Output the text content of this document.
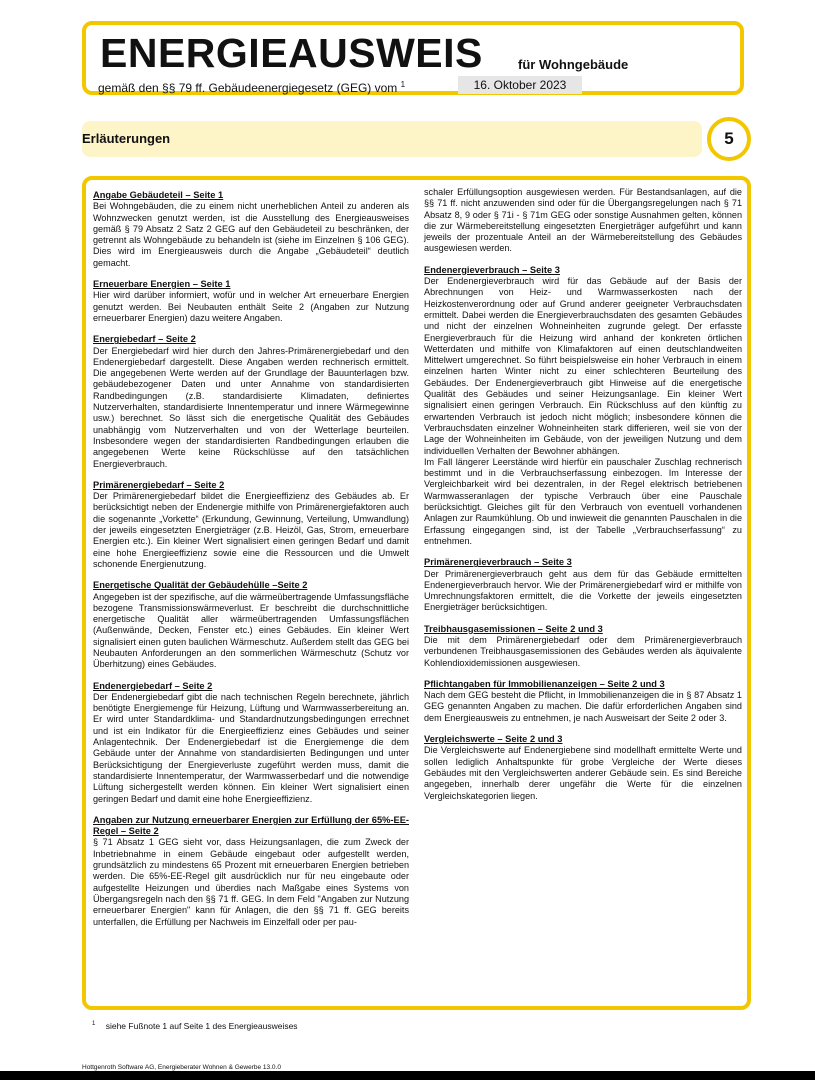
ENERGIEAUSWEIS	für Wohngebäude
gemäß den §§ 79 ff. Gebäudeenergiegesetz (GEG) vom $^1$	16. Oktober 2023
Erläuterungen	5
Angabe Gebäudeteil – Seite 1

Bei Wohngebäuden, die zu einem nicht unerheblichen Anteil zu anderen als Wohnzwecken genutzt werden, ist die Ausstellung des Energieausweises gemäß § 79 Absatz 2 Satz 2 GEG auf den Gebäudeteil zu beschränken, der getrennt als Wohngebäude zu behandeln ist (siehe im Einzelnen § 106 GEG). Dies wird im Energieausweis durch die Angabe „Gebäudeteil“ deutlich gemacht.

Erneuerbare Energien – Seite 1

Hier wird darüber informiert, wofür und in welcher Art erneuerbare Energien genutzt werden. Bei Neubauten enthält Seite 2 (Angaben zur Nutzung erneuerbarer Energien) dazu weitere Angaben.

Energiebedarf – Seite 2

Der Energiebedarf wird hier durch den Jahres-Primärenergiebedarf und den Endenergiebedarf dargestellt. Diese Angaben werden rechnerisch ermittelt. Die angegebenen Werte werden auf der Grundlage der Bauunterlagen bzw. gebäudebezogener Daten und unter Annahme von standardisierten Randbedingungen (z.B. standardisierte Klimadaten, definiertes Nutzerverhalten, standardisierte Innentemperatur und innere Wärmegewinne usw.) berechnet. So lässt sich die energetische Qualität des Gebäudes unabhängig vom Nutzerverhalten und von der Wetterlage beurteilen. Insbesondere wegen der standardisierten Randbedingungen erlauben die angegebenen Werte keine Rückschlüsse auf den tatsächlichen Energieverbrauch.

Primärenergiebedarf – Seite 2

Der Primärenergiebedarf bildet die Energieeffizienz des Gebäudes ab. Er berücksichtigt neben der Endenergie mithilfe von Primärenergiefaktoren auch die sogenannte „Vorkette“ (Erkundung, Gewinnung, Verteilung, Umwandlung) der jeweils eingesetzten Energieträger (z.B. Heizöl, Gas, Strom, erneuerbare Energien etc.). Ein kleiner Wert signalisiert einen geringen Bedarf und damit eine hohe Energieeffizienz sowie eine die Ressourcen und die Umwelt schonende Energienutzung.

Energetische Qualität der Gebäudehülle –Seite 2

Angegeben ist der spezifische, auf die wärmeübertragende Umfassungsfläche bezogene Transmissionswärmeverlust. Er beschreibt die durchschnittliche energetische Qualität aller wärmeübertragenden Umfassungsflächen (Außenwände, Decken, Fenster etc.) eines Gebäudes. Ein kleiner Wert signalisiert einen guten baulichen Wärmeschutz. Außerdem stellt das GEG bei Neubauten Anforderungen an den sommerlichen Wärmeschutz (Schutz vor Überhitzung) eines Gebäudes.

Endenergiebedarf – Seite 2

Der Endenergiebedarf gibt die nach technischen Regeln berechnete, jährlich benötigte Energiemenge für Heizung, Lüftung und Warmwasserbereitung an. Er wird unter Standardklima- und Standardnutzungsbedingungen errechnet und ist ein Indikator für die Energieeffizienz eines Gebäudes und seiner Anlagentechnik. Der Endenergiebedarf ist die Energiemenge die dem Gebäude unter der Annahme von standardisierten Bedingungen und unter Berücksichtigung der Energieverluste zugeführt werden muss, damit die standardisierte Innentemperatur, der Warmwasserbedarf und die notwendige Lüftung sichergestellt werden können. Ein kleiner Wert signalisiert einen geringen Bedarf und damit eine hohe Energieeffizienz.

Angaben zur Nutzung erneuerbarer Energien zur Erfüllung der 65%-EE-Regel – Seite 2

§ 71 Absatz 1 GEG sieht vor, dass Heizungsanlagen, die zum Zweck der Inbetriebnahme in einem Gebäude eingebaut oder aufgestellt werden, grundsätzlich zu mindestens 65 Prozent mit erneuerbaren Energien betrieben werden. Die 65%-EE-Regel gilt ausdrücklich nur für neu eingebaute oder aufgestellte Heizungen und überdies nach Maßgabe eines Systems von Übergangsregeln nach den §§ 71 ff. GEG. In dem Feld "Angaben zur Nutzung erneuerbarer Energien" kann für Anlagen, die den §§ 71 ff. GEG bereits unterfallen, die Erfüllung per Nachweis im Einzelfall oder per pau-

schaler Erfüllungsoption ausgewiesen werden. Für Bestandsanlagen, auf die §§ 71 ff. nicht anzuwenden sind oder für die Übergangsregelungen nach § 71 Absatz 8, 9 oder § 71i - § 71m GEG oder sonstige Ausnahmen gelten, können die zur Wärmebereitstellung eingesetzten Energieträger aufgeführt und kann jeweils der prozentuale Anteil an der Wärmebereitstellung des Gebäudes ausgewiesen werden.

Endenergieverbrauch – Seite 3

Der Endenergieverbrauch wird für das Gebäude auf der Basis der Abrechnungen von Heiz- und Warmwasserkosten nach der Heizkostenverordnung oder auf Grund anderer geeigneter Verbrauchsdaten ermittelt. Dabei werden die Energieverbrauchsdaten des gesamten Gebäudes und nicht der einzelnen Wohneinheiten zugrunde gelegt. Der erfasste Energieverbrauch für die Heizung wird anhand der konkreten örtlichen Wetterdaten und mithilfe von Klimafaktoren auf einen deutschlandweiten Mittelwert umgerechnet. So führt beispielsweise ein hoher Verbrauch in einem einzelnen harten Winter nicht zu einer schlechteren Beurteilung des Gebäudes. Der Endenergieverbrauch gibt Hinweise auf die energetische Qualität des Gebäudes und seiner Heizungsanlage. Ein kleiner Wert signalisiert einen geringen Verbrauch. Ein Rückschluss auf den künftig zu erwartenden Verbrauch ist jedoch nicht möglich; insbesondere können die Verbrauchsdaten einzelner Wohneinheiten stark differieren, weil sie von der Lage der Wohneinheiten im Gebäude, von der jeweiligen Nutzung und dem individuellen Verhalten der Bewohner abhängen.

Im Fall längerer Leerstände wird hierfür ein pauschaler Zuschlag rechnerisch bestimmt und in die Verbrauchserfassung einbezogen. Im Interesse der Vergleichbarkeit wird bei dezentralen, in der Regel elektrisch betriebenen Warmwasseranlagen der typische Verbrauch über eine Pauschale berücksichtigt. Gleiches gilt für den Verbrauch von eventuell vorhandenen Anlagen zur Raumkühlung. Ob und inwieweit die genannten Pauschalen in die Erfassung eingegangen sind, ist der Tabelle „Verbrauchserfassung“ zu entnehmen.

Primärenergieverbrauch – Seite 3

Der Primärenergieverbrauch geht aus dem für das Gebäude ermittelten Endenergieverbrauch hervor. Wie der Primärenergiebedarf wird er mithilfe von Umrechnungsfaktoren ermittelt, die die Vorkette der jeweils eingesetzten Energieträger berücksichtigen.

Treibhausgasemissionen – Seite 2 und 3

Die mit dem Primärenergiebedarf oder dem Primärenergieverbrauch verbundenen Treibhausgasemissionen des Gebäudes werden als äquivalente Kohlendioxidemissionen ausgewiesen.

Pflichtangaben für Immobilienanzeigen – Seite 2 und 3

Nach dem GEG besteht die Pflicht, in Immobilienanzeigen die in § 87 Absatz 1 GEG genannten Angaben zu machen. Die dafür erforderlichen Angaben sind dem Energieausweis zu entnehmen, je nach Ausweisart der Seite 2 oder 3.

Vergleichswerte – Seite 2 und 3

Die Vergleichswerte auf Endenergiebene sind modellhaft ermittelte Werte und sollen lediglich Anhaltspunkte für grobe Vergleiche der Werte dieses Gebäudes mit den Vergleichswerten anderer Gebäude sein. Es sind Bereiche angegeben, innerhalb derer ungefähr die Werte für die einzelnen Vergleichskategorien liegen.

$^1$ siehe Fußnote 1 auf Seite 1 des Energieausweises
Hottgenroth Software AG, Energieberater Wohnen & Gewerbe 13.0.0
